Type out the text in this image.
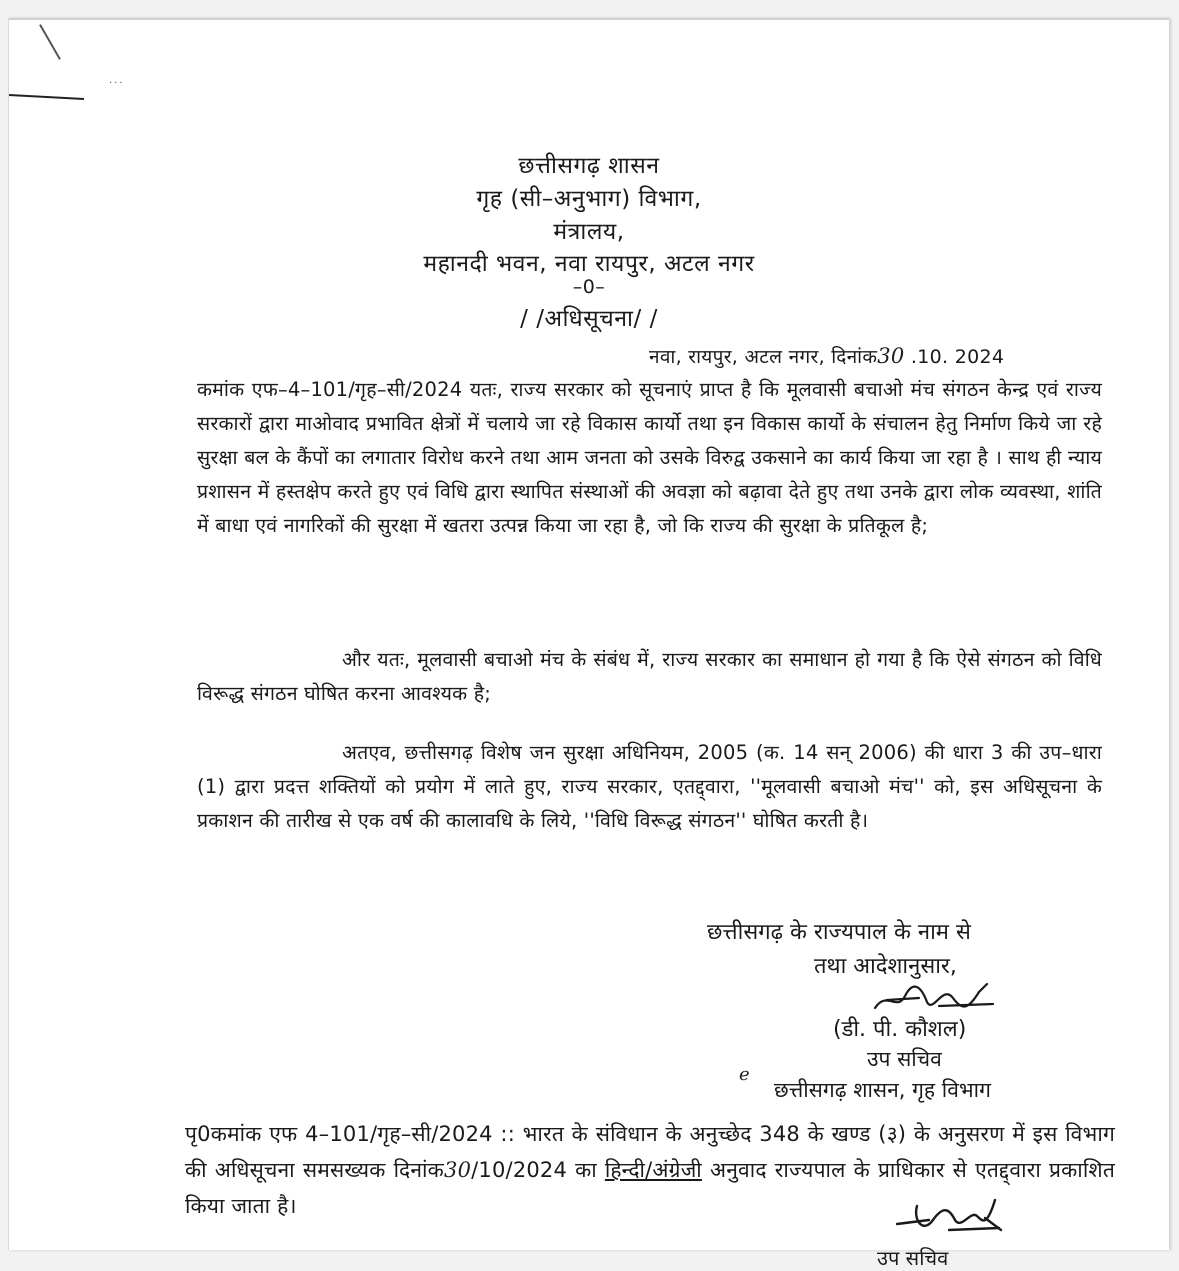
···
छत्तीसगढ़ शासन
गृह (सी–अनुभाग) विभाग,
मंत्रालय,
महानदी भवन, नवा रायपुर, अटल नगर
–0–
/ /अधिसूचना/ /
नवा, रायपुर, अटल नगर, दिनांक30 .10. 2024
कमांक एफ–4–101/गृह–सी/2024 यतः, राज्य सरकार को सूचनाएं प्राप्त है कि मूलवासी बचाओ मंच संगठन केन्द्र एवं राज्य सरकारों द्वारा माओवाद प्रभावित क्षेत्रों में चलाये जा रहे विकास कार्यो तथा इन विकास कार्यो के संचालन हेतु निर्माण किये जा रहे सुरक्षा बल के कैंपों का लगातार विरोध करने तथा आम जनता को उसके विरुद्व उकसाने का कार्य किया जा रहा है । साथ ही न्याय प्रशासन में हस्तक्षेप करते हुए एवं विधि द्वारा स्थापित संस्थाओं की अवज्ञा को बढ़ावा देते हुए तथा उनके द्वारा लोक व्यवस्था, शांति में बाधा एवं नागरिकों की सुरक्षा में खतरा उत्पन्न किया जा रहा है, जो कि राज्य की सुरक्षा के प्रतिकूल है;
और यतः, मूलवासी बचाओ मंच के संबंध में, राज्य सरकार का समाधान हो गया है कि ऐसे संगठन को विधि विरूद्ध संगठन घोषित करना आवश्यक है;
अतएव, छत्तीसगढ़ विशेष जन सुरक्षा अधिनियम, 2005 (क. 14 सन् 2006) की धारा 3 की उप–धारा (1) द्वारा प्रदत्त शक्तियों को प्रयोग में लाते हुए, राज्य सरकार, एतद्द्वारा, ''मूलवासी बचाओ मंच'' को, इस अधिसूचना के प्रकाशन की तारीख से एक वर्ष की कालावधि के लिये, ''विधि विरूद्ध संगठन'' घोषित करती है।
छत्तीसगढ़ के राज्यपाल के नाम से
तथा आदेशानुसार,
(डी. पी. कौशल)
उप सचिव
e
छत्तीसगढ़ शासन, गृह विभाग
पृ0कमांक एफ 4–101/गृह–सी/2024 :: भारत के संविधान के अनुच्छेद 348 के खण्ड (३) के अनुसरण में इस विभाग की अधिसूचना समसख्यक दिनांक30/10/2024 का हिन्दी/अंग्रेजी अनुवाद राज्यपाल के प्राधिकार से एतद्द्वारा प्रकाशित किया जाता है।
उप सचिव
